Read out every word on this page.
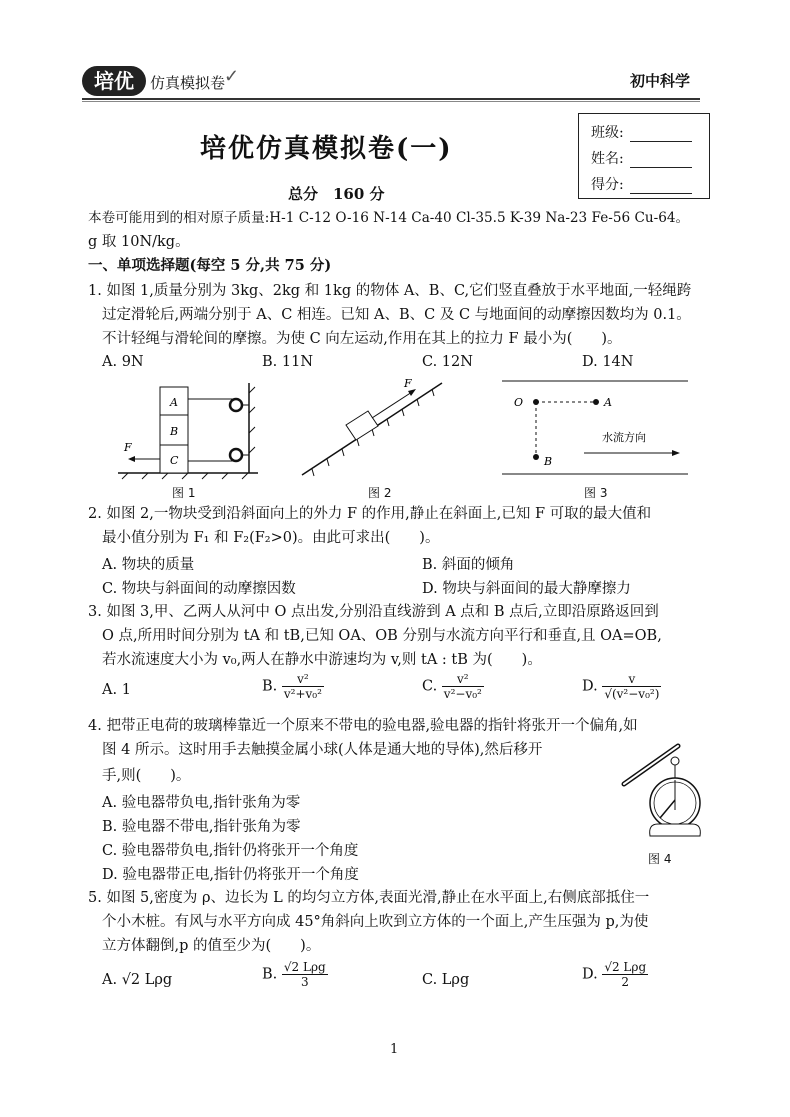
培优	仿真模拟卷
✓	初中科学
培优仿真模拟卷(一)
班级:
姓名:
得分:
总分　160 分
本卷可能用到的相对原子质量:H-1 C-12 O-16 N-14 Ca-40 Cl-35.5 K-39 Na-23 Fe-56 Cu-64。
g 取 10N/kg。
一、单项选择题(每空 5 分,共 75 分)
1. 如图 1,质量分别为 3kg、2kg 和 1kg 的物体 A、B、C,它们竖直叠放于水平地面,一轻绳跨
过定滑轮后,两端分别于 A、C 相连。已知 A、B、C 及 C 与地面间的动摩擦因数均为 0.1。
不计轻绳与滑轮间的摩擦。为使 C 向左运动,作用在其上的拉力 F 最小为(　　)。
A. 9N	B. 11N	C. 12N	D. 14N
A
B
C
F
图 1
F
图 2
O	A
B
水流方向
图 3
2. 如图 2,一物块受到沿斜面向上的外力 F 的作用,静止在斜面上,已知 F 可取的最大值和
最小值分别为 F₁ 和 F₂(F₂>0)。由此可求出(　　)。
A. 物块的质量	B. 斜面的倾角
C. 物块与斜面间的动摩擦因数	D. 物块与斜面间的最大静摩擦力
3. 如图 3,甲、乙两人从河中 O 点出发,分别沿直线游到 A 点和 B 点后,立即沿原路返回到
O 点,所用时间分别为 tA 和 tB,已知 OA、OB 分别与水流方向平行和垂直,且 OA=OB,
若水流速度大小为 v₀,两人在静水中游速均为 v,则 tA : tB 为(　　)。
A. 1	B. $\frac{\text{v²}}{\text{v²+v₀²}}$	C. $\frac{\text{v²}}{\text{v²−v₀²}}$	D. $\frac{v}{\text{√(v²−v₀²)}}$
4. 把带正电荷的玻璃棒靠近一个原来不带电的验电器,验电器的指针将张开一个偏角,如
图 4 所示。这时用手去触摸金属小球(人体是通大地的导体),然后移开
手,则(　　)。
A. 验电器带负电,指针张角为零
B. 验电器不带电,指针张角为零
C. 验电器带负电,指针仍将张开一个角度
D. 验电器带正电,指针仍将张开一个角度
图 4
5. 如图 5,密度为 ρ、边长为 L 的均匀立方体,表面光滑,静止在水平面上,右侧底部抵住一
个小木桩。有风与水平方向成 45°角斜向上吹到立方体的一个面上,产生压强为 p,为使
立方体翻倒,p 的值至少为(　　)。
A. √2 Lρg	B. $\frac{\text{√2 Lρg}}{3}$	C. Lρg	D. $\frac{\text{√2 Lρg}}{2}$
1
